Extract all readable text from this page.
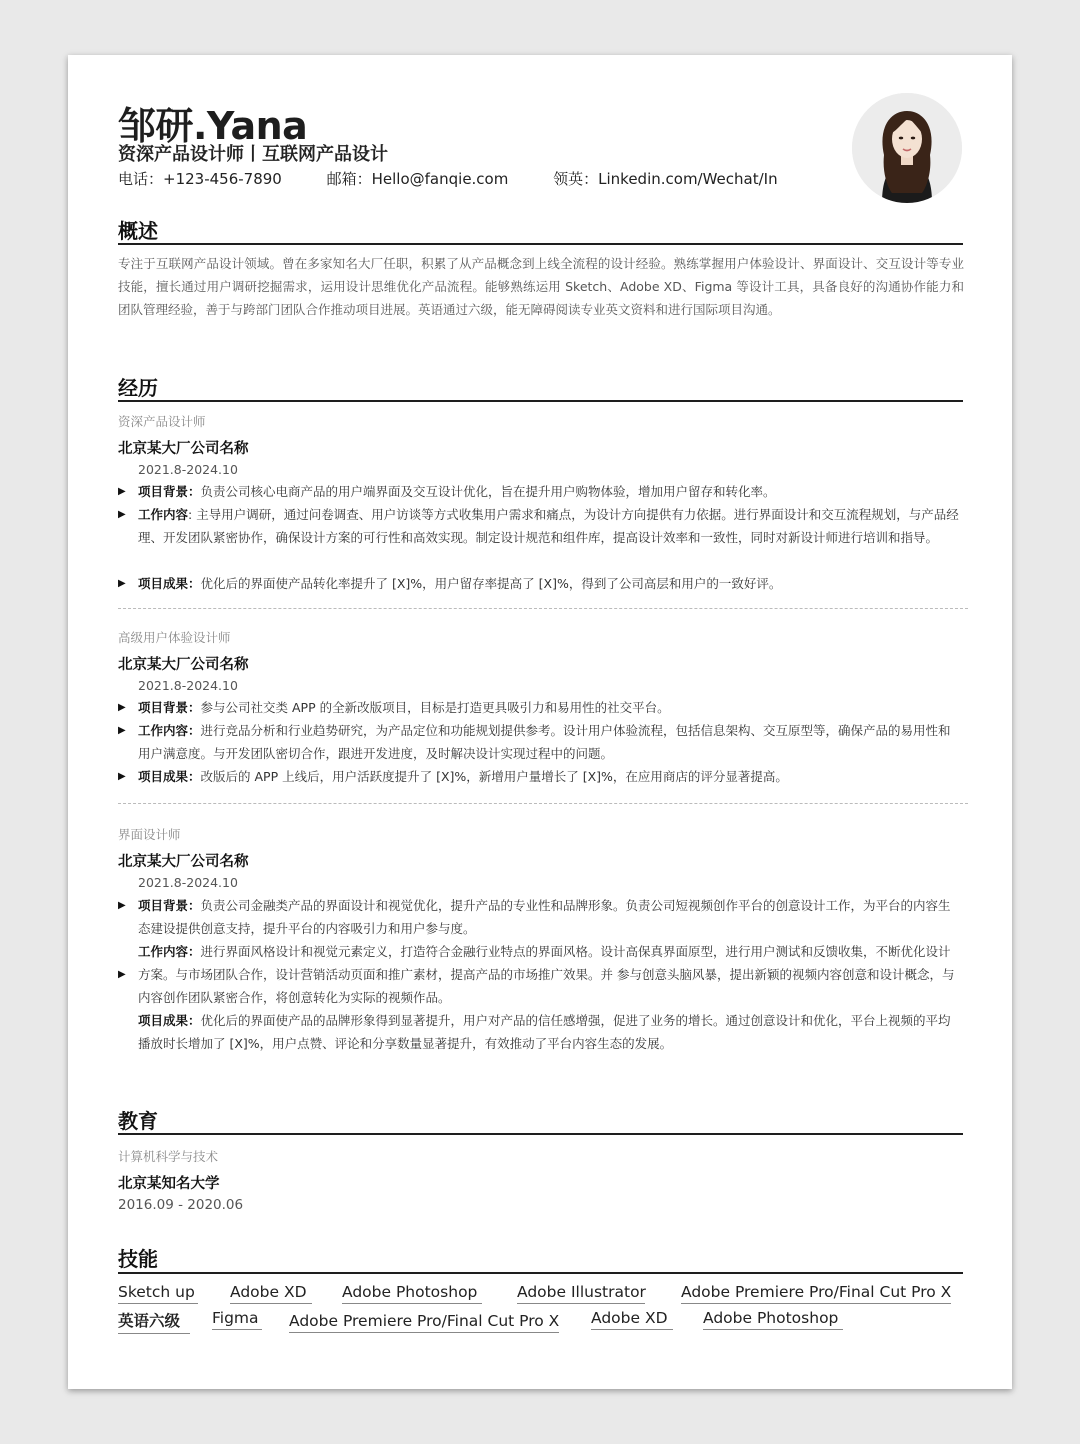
邹研.Yana
资深产品设计师丨互联网产品设计
电话：+123-456-7890	邮箱：Hello@fanqie.com	领英：Linkedin.com/Wechat/In
概述
专注于互联网产品设计领域。曾在多家知名大厂任职，积累了从产品概念到上线全流程的设计经验。熟练掌握用户体验设计、界面设计、交互设计等专业技能，擅长通过用户调研挖掘需求，运用设计思维优化产品流程。能够熟练运用 Sketch、Adobe XD、Figma 等设计工具，具备良好的沟通协作能力和团队管理经验，善于与跨部门团队合作推动项目进展。英语通过六级，能无障碍阅读专业英文资料和进行国际项目沟通。
经历
资深产品设计师
北京某大厂公司名称
2021.8-2024.10
▶ 项目背景：负责公司核心电商产品的用户端界面及交互设计优化，旨在提升用户购物体验，增加用户留存和转化率。
▶ 工作内容: 主导用户调研，通过问卷调查、用户访谈等方式收集用户需求和痛点，为设计方向提供有力依据。进行界面设计和交互流程规划，与产品经理、开发团队紧密协作，确保设计方案的可行性和高效实现。制定设计规范和组件库，提高设计效率和一致性，同时对新设计师进行培训和指导。
▶ 项目成果：优化后的界面使产品转化率提升了 [X]%，用户留存率提高了 [X]%，得到了公司高层和用户的一致好评。
高级用户体验设计师
北京某大厂公司名称
2021.8-2024.10
▶ 项目背景：参与公司社交类 APP 的全新改版项目，目标是打造更具吸引力和易用性的社交平台。
▶ 工作内容：进行竞品分析和行业趋势研究，为产品定位和功能规划提供参考。设计用户体验流程，包括信息架构、交互原型等，确保产品的易用性和用户满意度。与开发团队密切合作，跟进开发进度，及时解决设计实现过程中的问题。
▶ 项目成果：改版后的 APP 上线后，用户活跃度提升了 [X]%，新增用户量增长了 [X]%，在应用商店的评分显著提高。
界面设计师
北京某大厂公司名称
2021.8-2024.10
▶ 项目背景：负责公司金融类产品的界面设计和视觉优化，提升产品的专业性和品牌形象。负责公司短视频创作平台的创意设计工作，为平台的内容生态建设提供创意支持，提升平台的内容吸引力和用户参与度。
▶
工作内容：进行界面风格设计和视觉元素定义，打造符合金融行业特点的界面风格。设计高保真界面原型，进行用户测试和反馈收集，不断优化设计方案。与市场团队合作，设计营销活动页面和推广素材，提高产品的市场推广效果。并 参与创意头脑风暴，提出新颖的视频内容创意和设计概念，与内容创作团队紧密合作，将创意转化为实际的视频作品。
项目成果：优化后的界面使产品的品牌形象得到显著提升，用户对产品的信任感增强，促进了业务的增长。通过创意设计和优化，平台上视频的平均播放时长增加了 [X]%，用户点赞、评论和分享数量显著提升，有效推动了平台内容生态的发展。
教育
计算机科学与技术
北京某知名大学
2016.09 - 2020.06
技能
Sketch up Adobe XD	Adobe Photoshop	Adobe Illustrator Adobe Premiere Pro/Final Cut Pro X
英语六级	Figma Adobe Premiere Pro/Final Cut Pro X Adobe XD	Adobe Photoshop
